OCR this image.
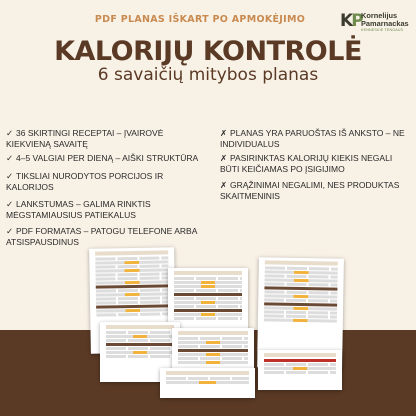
PDF PLANAS IŠKART PO APMOKĖJIMO	KP Kornelijus
Pamarnackas
KENNESKIE TENGAUS
KALORIJŲ KONTROLĖ
6 savaičių mitybos planas
✓ 36 SKIRTINGI RECEPTAI – ĮVAIROVĖ KIEKVIENĄ SAVAITĘ
✓ 4–5 VALGIAI PER DIENĄ – AIŠKI STRUKTŪRA
✓ TIKSLIAI NURODYTOS PORCIJOS IR KALORIJOS
✓ LANKSTUMAS – GALIMA RINKTIS MĖGSTAMIAUSIUS PATIEKALUS
✓ PDF FORMATAS – PATOGU TELEFONE ARBA ATSISPAUSDINUS
✗ PLANAS YRA PARUOŠTAS IŠ ANKSTO – NE INDIVIDUALUS
✗ PASIRINKTAS KALORIJŲ KIEKIS NEGALI BŪTI KEIČIAMAS PO ĮSIGIJIMO
✗ GRĄŽINIMAI NEGALIMI, NES PRODUKTAS SKAITMENINIS
